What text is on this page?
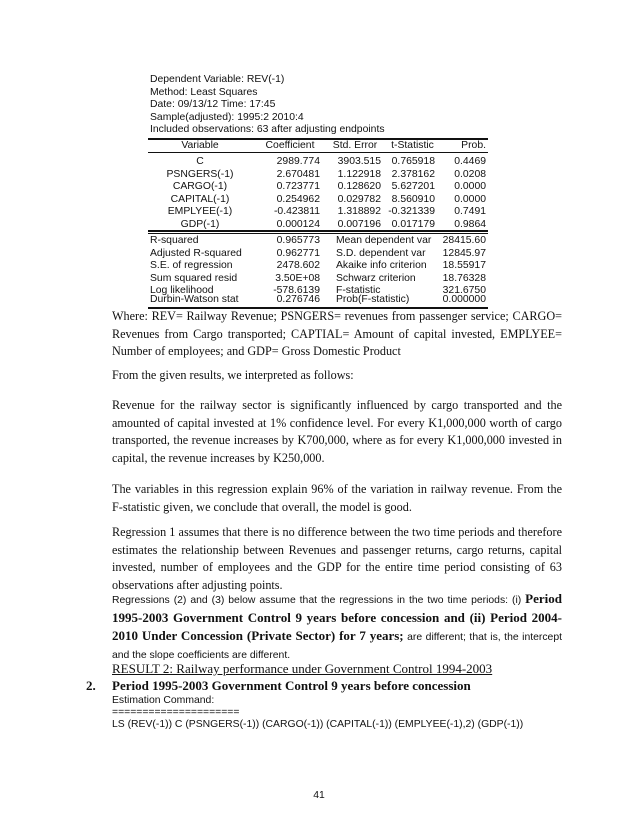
Dependent Variable: REV(-1)
Method: Least Squares
Date: 09/13/12 Time: 17:45
Sample(adjusted): 1995:2 2010:4
Included observations: 63 after adjusting endpoints
Variable	Coefficient	Std. Error	t-Statistic	Prob.
C	2989.774	3903.515	0.765918	0.4469
PSNGERS(-1)	2.670481	1.122918	2.378162	0.0208
CARGO(-1)	0.723771	0.128620	5.627201	0.0000
CAPITAL(-1)	0.254962	0.029782	8.560910	0.0000
EMPLYEE(-1)	-0.423811	1.318892 -0.321339	0.7491
GDP(-1)	0.000124	0.007196	0.017179	0.9864
R-squared	0.965773 Mean dependent var	28415.60
Adjusted R-squared	0.962771 S.D. dependent var	12845.97
S.E. of regression	2478.602 Akaike info criterion	18.55917
Sum squared resid	3.50E+08 Schwarz criterion	18.76328
Log likelihood	-578.6139 F-statistic	321.6750
Durbin-Watson stat	0.276746 Prob(F-statistic)	0.000000
Where: REV= Railway Revenue; PSNGERS= revenues from passenger service; CARGO= Revenues from Cargo transported; CAPTIAL= Amount of capital invested, EMPLYEE= Number of employees; and GDP= Gross Domestic Product
From the given results, we interpreted as follows:
Revenue for the railway sector is significantly influenced by cargo transported and the amounted of capital invested at 1% confidence level. For every K1,000,000 worth of cargo transported, the revenue increases by K700,000, where as for every K1,000,000 invested in capital, the revenue increases by K250,000.
The variables in this regression explain 96% of the variation in railway revenue. From the F-statistic given, we conclude that overall, the model is good.
Regression 1 assumes that there is no difference between the two time periods and therefore estimates the relationship between Revenues and passenger returns, cargo returns, capital invested, number of employees and the GDP for the entire time period consisting of 63 observations after adjusting points.
Regressions (2) and (3) below assume that the regressions in the two time periods: (i) Period 1995-2003 Government Control 9 years before concession and (ii) Period 2004-2010 Under Concession (Private Sector) for 7 years; are different; that is, the intercept and the slope coefficients are different.
RESULT 2: Railway performance under Government Control 1994-2003
2. Period 1995-2003 Government Control 9 years before concession
Estimation Command:
=====================
LS (REV(-1)) C (PSNGERS(-1)) (CARGO(-1)) (CAPITAL(-1)) (EMPLYEE(-1),2) (GDP(-1))
41
